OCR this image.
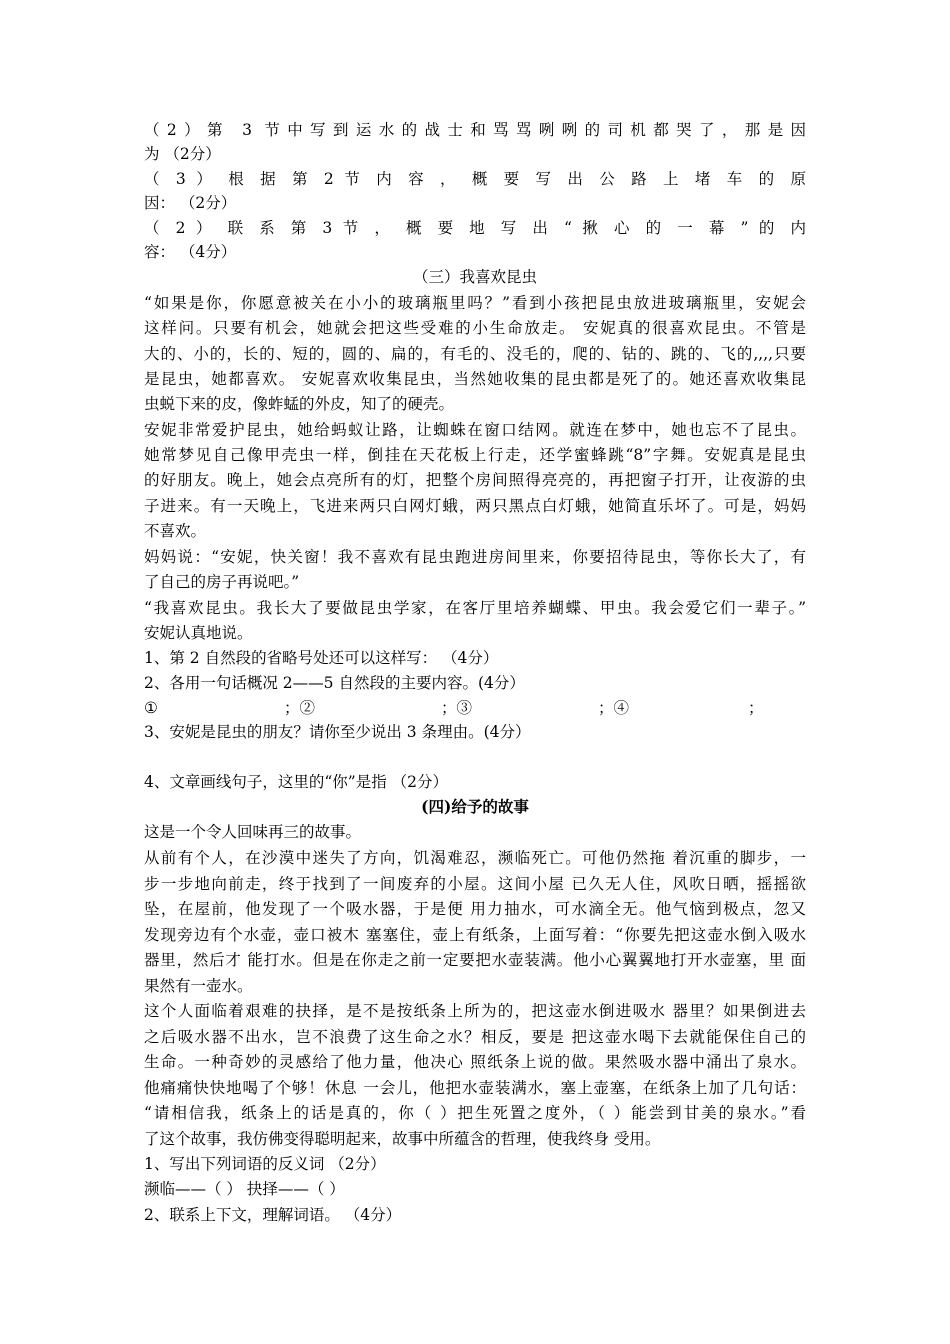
（2）第 3 节中写到运水的战士和骂骂咧咧的司机都哭了，那是因
为 （2分）
（ 3 ） 根 据 第 2 节 内 容 ， 概 要 写 出 公 路 上 堵 车 的 原
因： （2分）
（ 2 ） 联 系 第 3 节 ， 概 要 地 写 出 “ 揪 心 的 一 幕 ” 的 内
容： （4分）
（三）我喜欢昆虫
“如果是你，你愿意被关在小小的玻璃瓶里吗？”看到小孩把昆虫放进玻璃瓶里，安妮会
这样问。只要有机会，她就会把这些受难的小生命放走。 安妮真的很喜欢昆虫。不管是
大的、小的，长的、短的，圆的、扁的，有毛的、没毛的，爬的、钻的、跳的、飞的,,,,只要
是昆虫，她都喜欢。 安妮喜欢收集昆虫，当然她收集的昆虫都是死了的。她还喜欢收集昆
虫蜕下来的皮，像蚱蜢的外皮，知了的硬壳。
安妮非常爱护昆虫，她给蚂蚁让路，让蜘蛛在窗口结网。就连在梦中，她也忘不了昆虫。
她常梦见自己像甲壳虫一样，倒挂在天花板上行走，还学蜜蜂跳“8”字舞。安妮真是昆虫
的好朋友。晚上，她会点亮所有的灯，把整个房间照得亮亮的，再把窗子打开，让夜游的虫
子进来。有一天晚上，飞进来两只白网灯蛾，两只黑点白灯蛾，她简直乐坏了。可是，妈妈
不喜欢。
妈妈说：“安妮，快关窗！我不喜欢有昆虫跑进房间里来，你要招待昆虫，等你长大了，有
了自己的房子再说吧。”
“我喜欢昆虫。我长大了要做昆虫学家，在客厅里培养蝴蝶、甲虫。我会爱它们一辈子。”
安妮认真地说。
1、第 2 自然段的省略号处还可以这样写： （4分）
2、各用一句话概况 2——5 自然段的主要内容。(4分）
①	；②	；③	；④	；
3、安妮是昆虫的朋友？请你至少说出 3 条理由。(4分）
4、文章画线句子，这里的“你”是指 （2分）
(四)给予的故事
这是一个令人回味再三的故事。
从前有个人，在沙漠中迷失了方向，饥渴难忍，濒临死亡。可他仍然拖 着沉重的脚步，一
步一步地向前走，终于找到了一间废弃的小屋。这间小屋 已久无人住，风吹日晒，摇摇欲
坠，在屋前，他发现了一个吸水器，于是便 用力抽水，可水滴全无。他气恼到极点，忽又
发现旁边有个水壶，壶口被木 塞塞住，壶上有纸条，上面写着：“你要先把这壶水倒入吸水
器里，然后才 能打水。但是在你走之前一定要把水壶装满。他小心翼翼地打开水壶塞，里 面
果然有一壶水。
这个人面临着艰难的抉择，是不是按纸条上所为的，把这壶水倒进吸水 器里？如果倒进去
之后吸水器不出水，岂不浪费了这生命之水？相反，要是 把这壶水喝下去就能保住自己的
生命。一种奇妙的灵感给了他力量，他决心 照纸条上说的做。果然吸水器中涌出了泉水。
他痛痛快快地喝了个够！休息 一会儿，他把水壶装满水，塞上壶塞，在纸条上加了几句话：
“请相信我，纸条上的话是真的，你（ ）把生死置之度外，（ ）能尝到甘美的泉水。”看
了这个故事，我仿佛变得聪明起来，故事中所蕴含的哲理，使我终身 受用。
1、写出下列词语的反义词 （2分）
濒临——（ ） 抉择——（ ）
2、联系上下文，理解词语。 （4分）
